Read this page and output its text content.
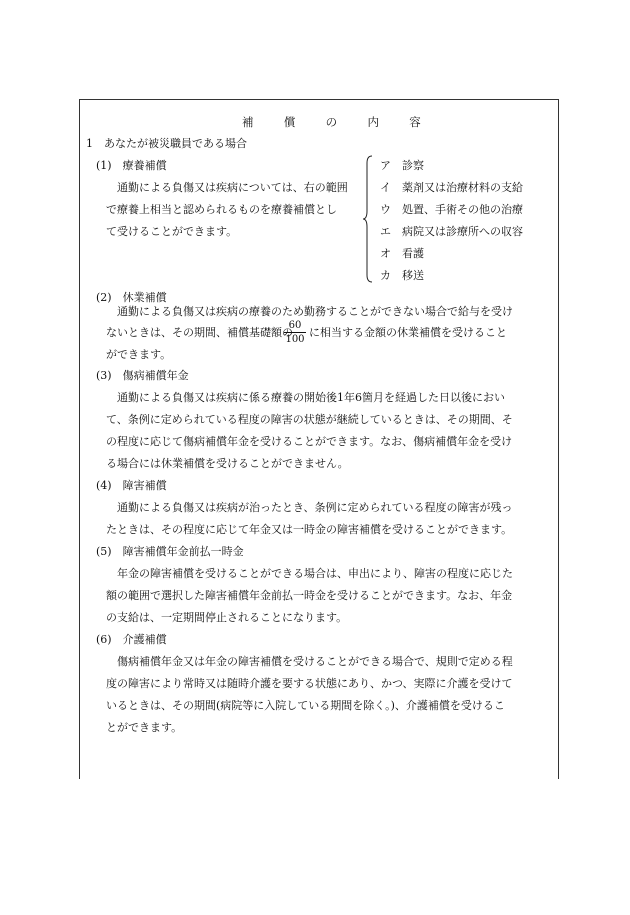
補	償	の	内	容
1　あなたが被災職員である場合
(1)　療養補償
通勤による負傷又は疾病については、右の範囲
で療養上相当と認められるものを療養補償とし
て受けることができます。
ア　診察
イ　薬剤又は治療材料の支給
ウ　処置、手術その他の治療
エ　病院又は診療所への収容
オ　看護
カ　移送
(2)　休業補償
通勤による負傷又は疾病の療養のため勤務することができない場合で給与を受け
ないときは、その期間、補償基礎額の
$\frac{60}{100}$ に相当する金額の休業補償を受けること
ができます。
(3)　傷病補償年金
通勤による負傷又は疾病に係る療養の開始後1年6箇月を経過した日以後におい
て、条例に定められている程度の障害の状態が継続しているときは、その期間、そ
の程度に応じて傷病補償年金を受けることができます。なお、傷病補償年金を受け
る場合には休業補償を受けることができません。
(4)　障害補償
通勤による負傷又は疾病が治ったとき、条例に定められている程度の障害が残っ
たときは、その程度に応じて年金又は一時金の障害補償を受けることができます。
(5)　障害補償年金前払一時金
年金の障害補償を受けることができる場合は、申出により、障害の程度に応じた
額の範囲で選択した障害補償年金前払一時金を受けることができます。なお、年金
の支給は、一定期間停止されることになります。
(6)　介護補償
傷病補償年金又は年金の障害補償を受けることができる場合で、規則で定める程
度の障害により常時又は随時介護を要する状態にあり、かつ、実際に介護を受けて
いるときは、その期間(病院等に入院している期間を除く。)、介護補償を受けるこ
とができます。
